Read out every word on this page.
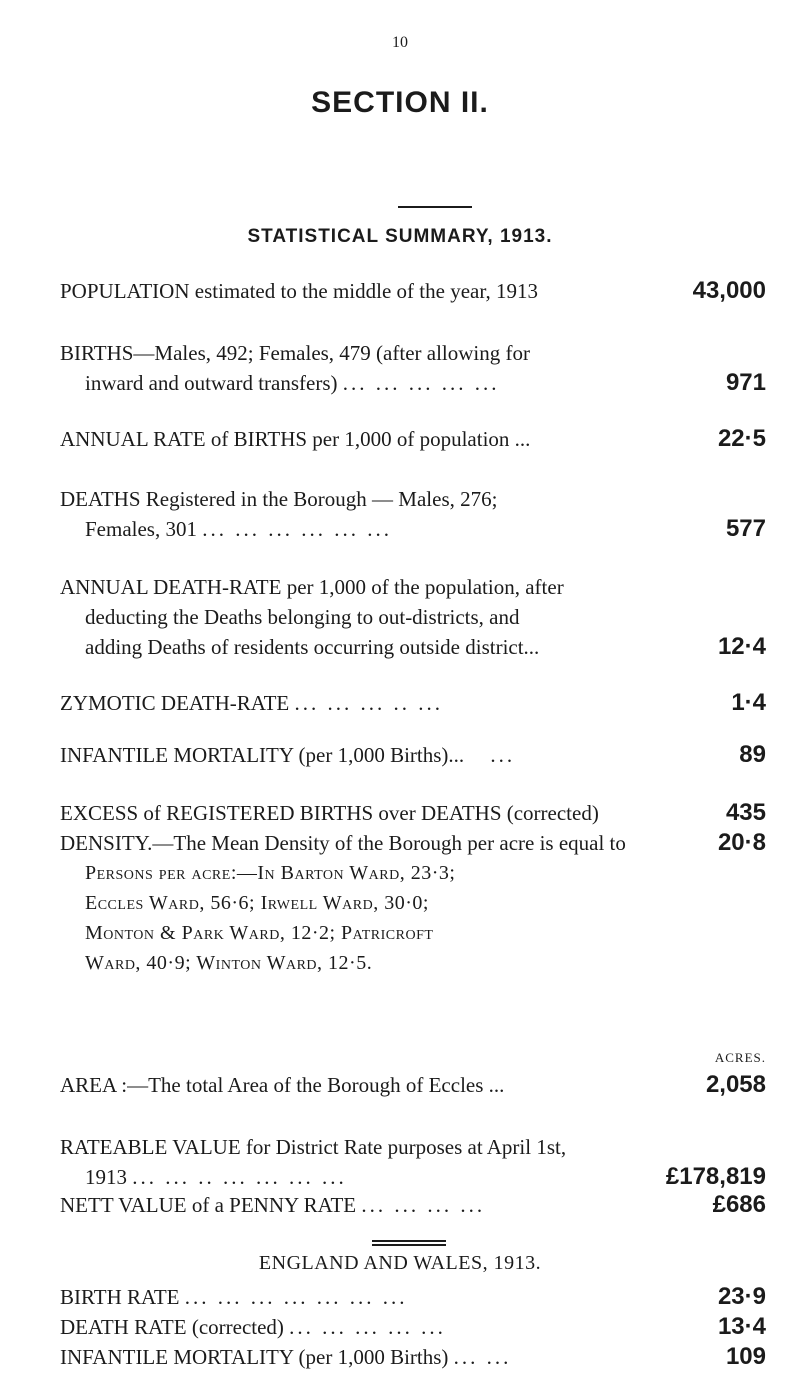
10
SECTION II.
STATISTICAL SUMMARY, 1913.
POPULATION estimated to the middle of the year, 1913	43,000
BIRTHS—Males, 492; Females, 479 (after allowing for
inward and outward transfers) ... ... ... ... ...	971
ANNUAL RATE of BIRTHS per 1,000 of population ...	22·5
DEATHS Registered in the Borough — Males, 276;
Females, 301 ... ... ... ... ... ...	577
ANNUAL DEATH-RATE per 1,000 of the population, after
deducting the Deaths belonging to out-districts, and
adding Deaths of residents occurring outside district...	12·4
ZYMOTIC DEATH-RATE ... ... ... .. ...	1·4
INFANTILE MORTALITY (per 1,000 Births)... ...	89
EXCESS of REGISTERED BIRTHS over DEATHS (corrected)	435
DENSITY.—The Mean Density of the Borough per acre is equal to	20·8
Persons per acre:—In Barton Ward, 23·3;
Eccles Ward, 56·6; Irwell Ward, 30·0;
Monton & Park Ward, 12·2; Patricroft
Ward, 40·9; Winton Ward, 12·5.
ACRES.
AREA :—The total Area of the Borough of Eccles ...	2,058
RATEABLE VALUE for District Rate purposes at April 1st,
1913 ... ... .. ... ... ... ...	£178,819
NETT VALUE of a PENNY RATE ... ... ... ...	£686
ENGLAND AND WALES, 1913.
BIRTH RATE ... ... ... ... ... ... ...	23·9
DEATH RATE (corrected) ... ... ... ... ...	13·4
INFANTILE MORTALITY (per 1,000 Births) ... ...	109
